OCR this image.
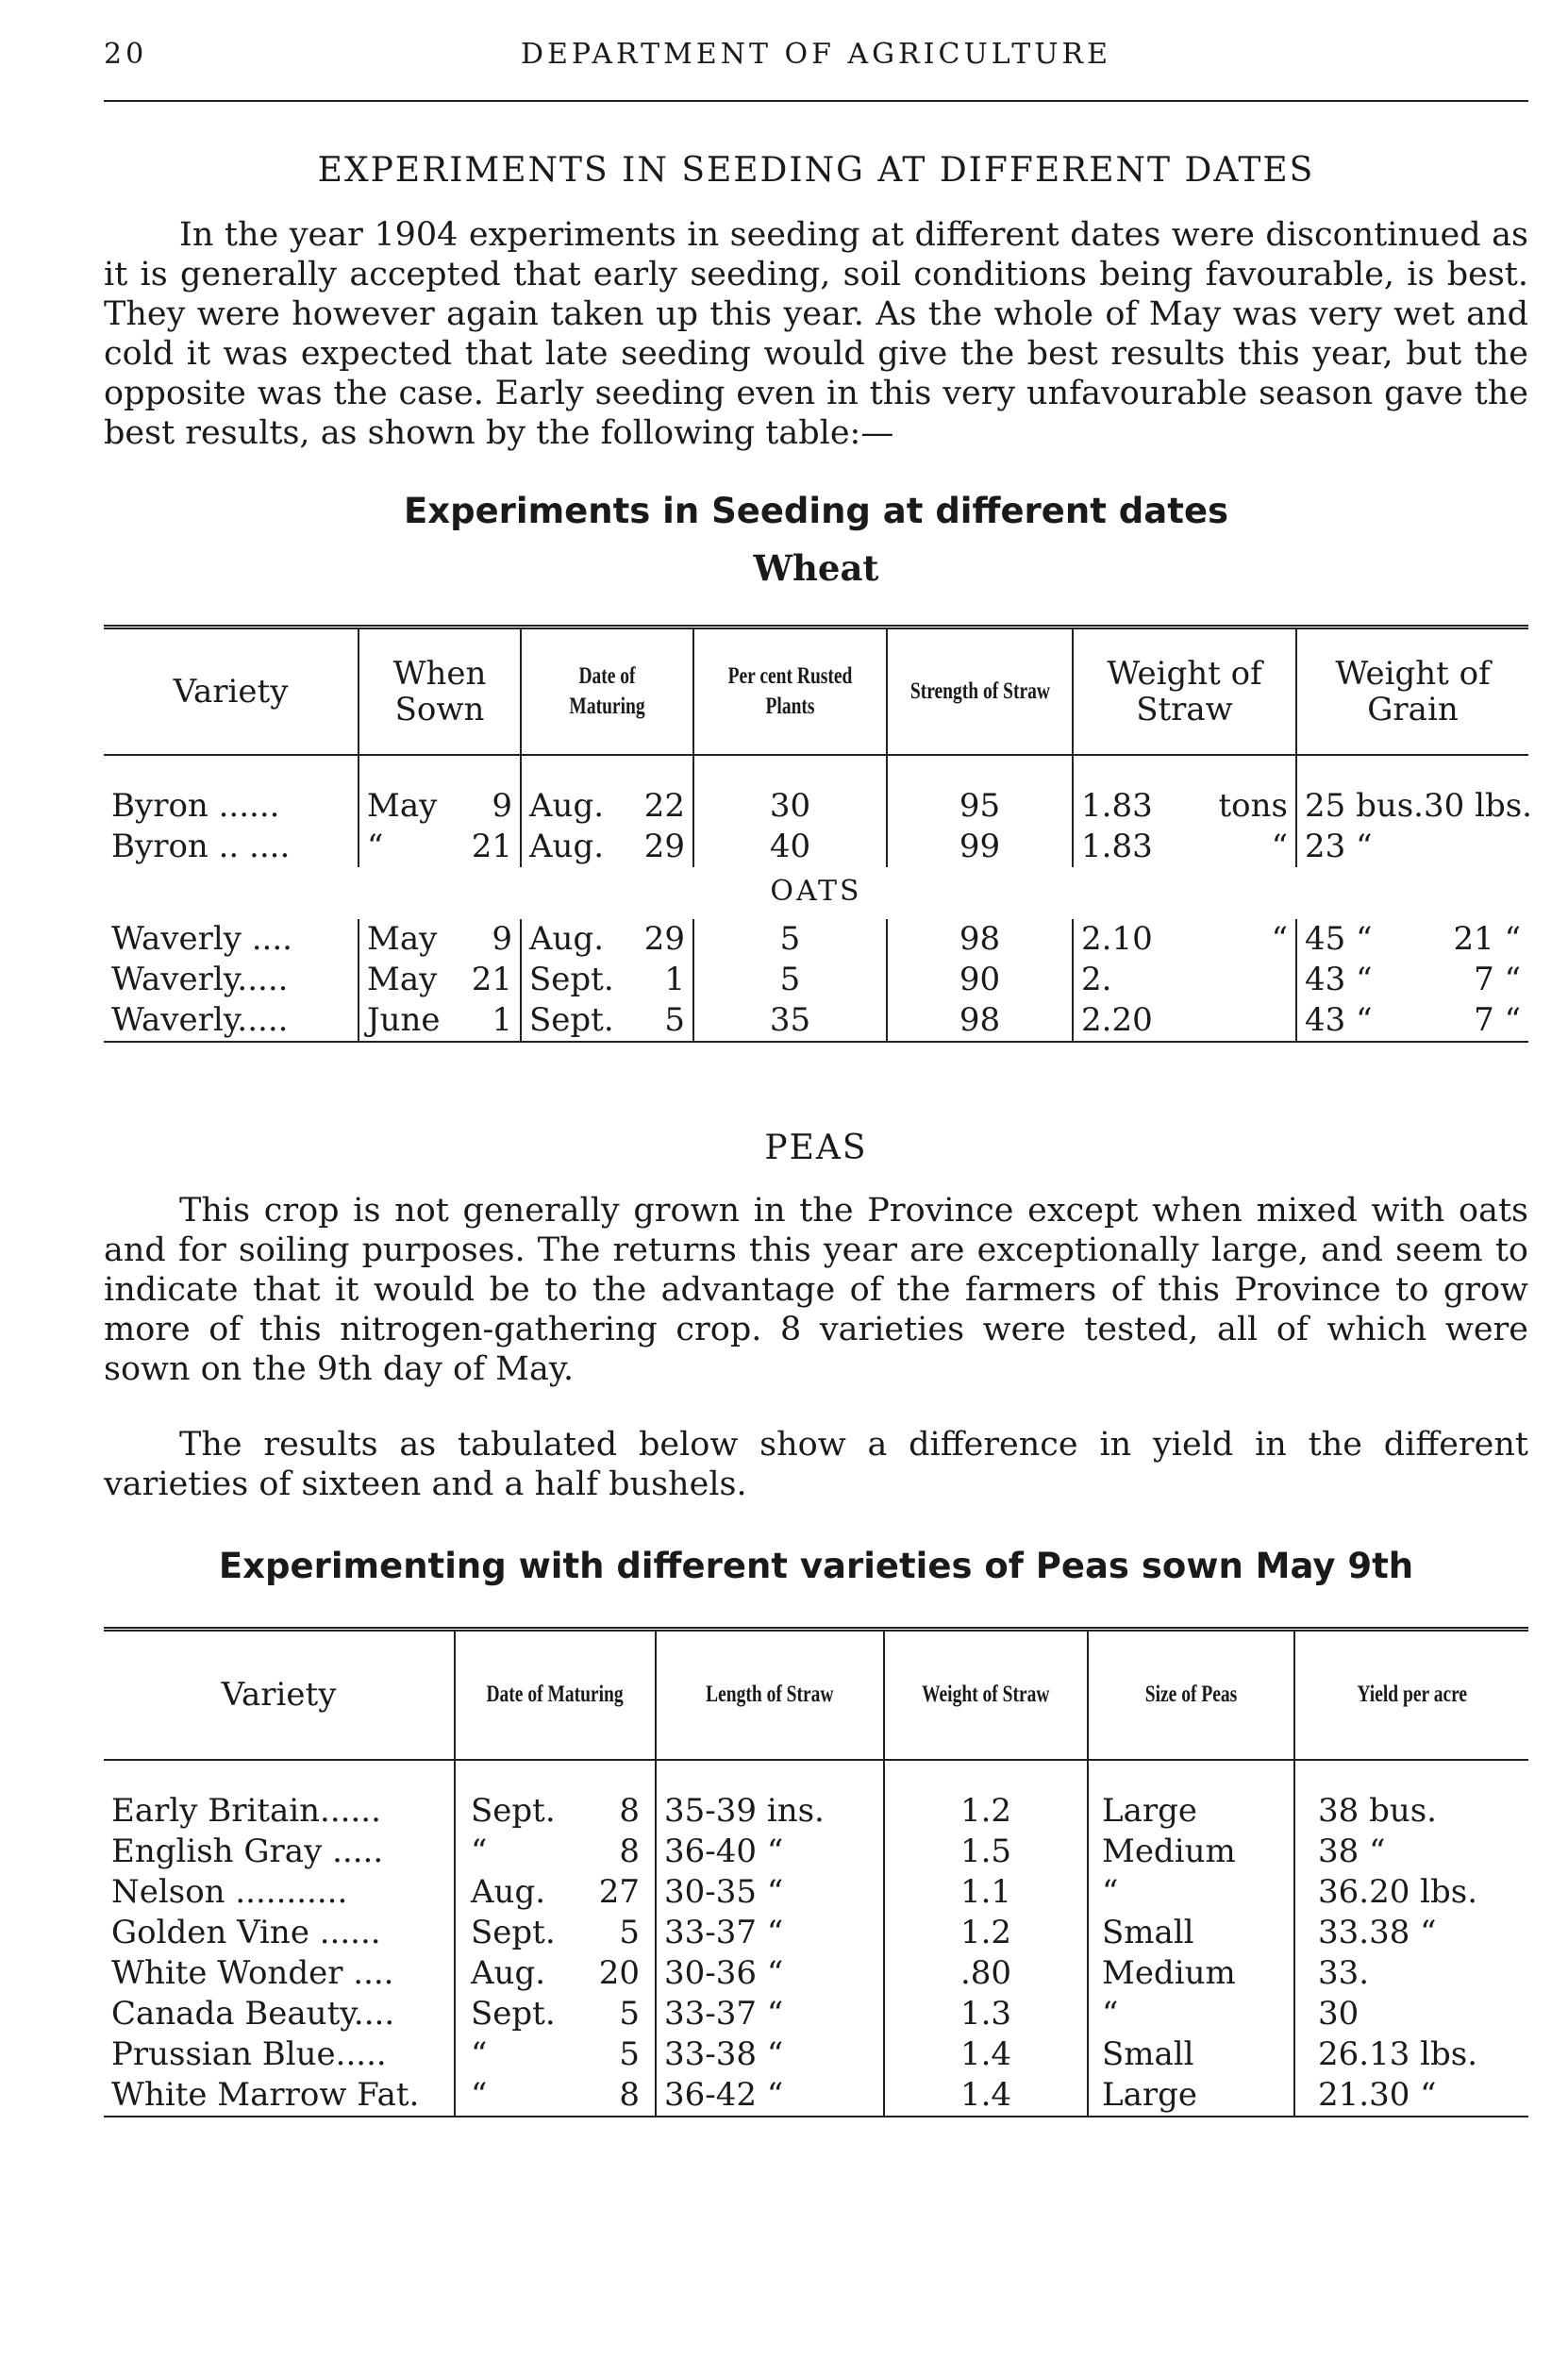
20	DEPARTMENT OF AGRICULTURE
EXPERIMENTS IN SEEDING AT DIFFERENT DATES
In the year 1904 experiments in seeding at different dates were discontinued as it is generally accepted that early seeding, soil conditions being favourable, is best. They were however again taken up this year. As the whole of May was very wet and cold it was expected that late seeding would give the best results this year, but the opposite was the case. Early seeding even in this very unfavourable season gave the best results, as shown by the following table:—
Experiments in Seeding at different dates
Wheat
Variety	When Sown	Date of Maturing	Per cent Rusted Plants	Strength of Straw	Weight of Straw	Weight of Grain

Byron ......	May 9	Aug. 22	30	95	1.83 tons	25 bus. 30 lbs.

Byron .. ....	“ 21	Aug. 29	40	99	1.83 “	23 “

OATS						
Waverly ....	May 9	Aug. 29	5	98	2.10 “	45 “ 21 “

Waverly.....	May 21	Sept. 1	5	90	2.	43 “ 7 “

Waverly.....	June 1	Sept. 5	35	98	2.20	43 “ 7 “
PEAS
This crop is not generally grown in the Province except when mixed with oats and for soiling purposes. The returns this year are exceptionally large, and seem to indicate that it would be to the advantage of the farmers of this Province to grow more of this nitrogen-gathering crop. 8 varieties were tested, all of which were sown on the 9th day of May.
The results as tabulated below show a difference in yield in the different varieties of sixteen and a half bushels.
Experimenting with different varieties of Peas sown May 9th
Variety	Date of Maturing	Length of Straw	Weight of Straw	Size of Peas	Yield per acre

Early Britain......	Sept. 8	35-39 ins.	1.2	Large	38 bus.
English Gray .....	“ 8	36-40 “	1.5	Medium	38 “
Nelson ...........	Aug. 27	30-35 “	1.1	“	36.20 lbs.
Golden Vine ......	Sept. 5	33-37 “	1.2	Small	33.38 “
White Wonder ....	Aug. 20	30-36 “	.80	Medium	33.
Canada Beauty....	Sept. 5	33-37 “	1.3	“	30
Prussian Blue.....	“ 5	33-38 “	1.4	Small	26.13 lbs.
White Marrow Fat.	“ 8	36-42 “	1.4	Large	21.30 “
